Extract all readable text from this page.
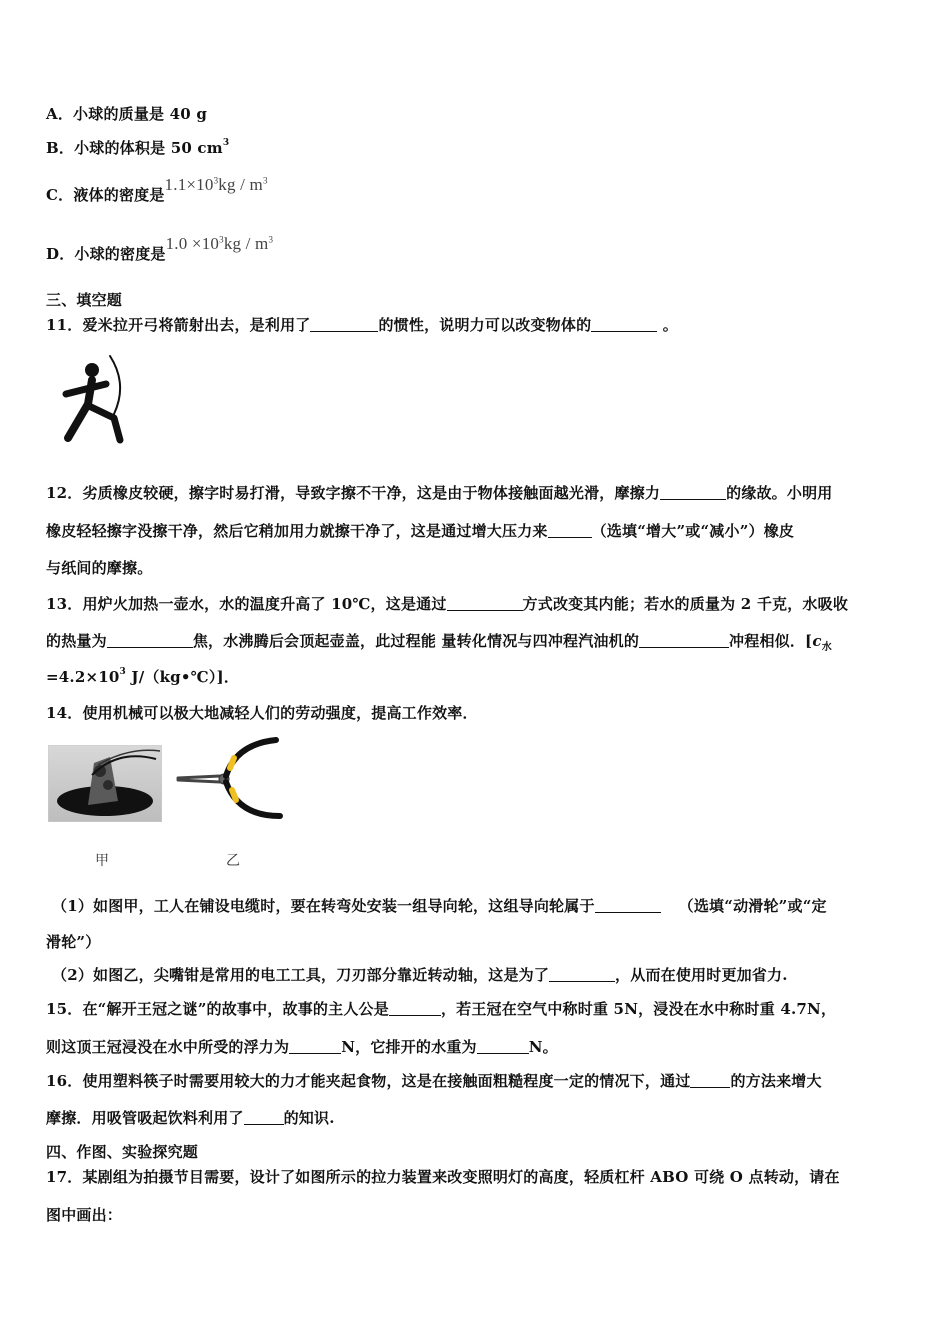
A．小球的质量是 40 g
B．小球的体积是 50 $cm^3$
C．液体的密度是$1.1\times 10^3kg / m^3$
D．小球的密度是$1.0 \times 10^3kg / m^3$
三、填空题
11．爱米拉开弓将箭射出去，是利用了	的惯性，说明力可以改变物体的	。
12．劣质橡皮较硬，擦字时易打滑，导致字擦不干净，这是由于物体接触面越光滑，摩擦力	的缘故。小明用
橡皮轻轻擦字没擦干净，然后它稍加用力就擦干净了，这是通过增大压力来	（选填“增大”或“减小”）橡皮
与纸间的摩擦。
13．用炉火加热一壶水，水的温度升高了 10℃，这是通过	方式改变其内能；若水的质量为 2 千克，水吸收
的热量为	焦，水沸腾后会顶起壶盖，此过程能 量转化情况与四冲程汽油机的	冲程相似．[$c_水$
$=4.2\times 10^3$ J/（kg•℃）]．
14．使用机械可以极大地减轻人们的劳动强度，提高工作效率．
甲	乙
（1）如图甲，工人在铺设电缆时，要在转弯处安装一组导向轮，这组导向轮属于	（选填“动滑轮”或“定
滑轮”）
（2）如图乙，尖嘴钳是常用的电工工具，刀刃部分靠近转动轴，这是为了	，从而在使用时更加省力.
15．在“解开王冠之谜”的故事中，故事的主人公是	，若王冠在空气中称时重 5N，浸没在水中称时重 4.7N，
则这顶王冠浸没在水中所受的浮力为	N，它排开的水重为	N。
16．使用塑料筷子时需要用较大的力才能夹起食物，这是在接触面粗糙程度一定的情况下，通过	的方法来增大
摩擦．用吸管吸起饮料利用了	的知识.
四、作图、实验探究题
17．某剧组为拍摄节目需要，设计了如图所示的拉力装置来改变照明灯的高度，轻质杠杆 ABO 可绕 O 点转动，请在
图中画出：
